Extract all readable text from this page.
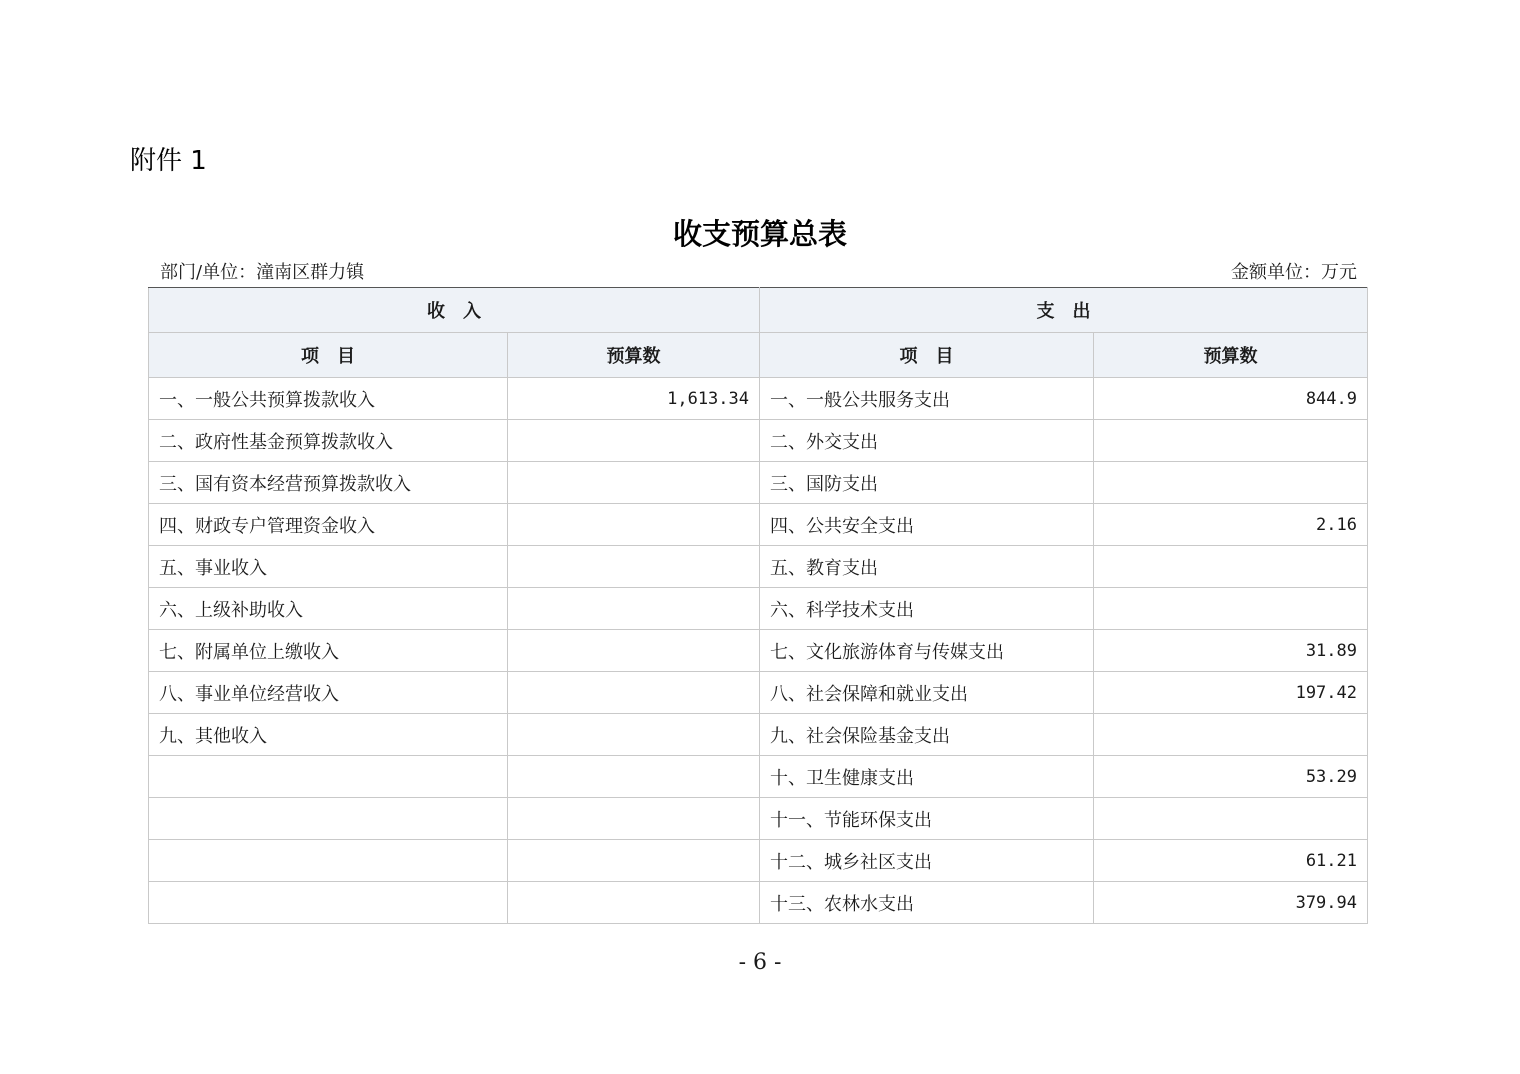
附件 1
收支预算总表
部门/单位：潼南区群力镇	金额单位：万元
收　入		支　出	
项　目	预算数	项　目	预算数
一、一般公共预算拨款收入	1,613.34	一、一般公共服务支出	844.9
二、政府性基金预算拨款收入		二、外交支出	
三、国有资本经营预算拨款收入		三、国防支出	
四、财政专户管理资金收入		四、公共安全支出	2.16
五、事业收入		五、教育支出	
六、上级补助收入		六、科学技术支出	
七、附属单位上缴收入		七、文化旅游体育与传媒支出	31.89
八、事业单位经营收入		八、社会保障和就业支出	197.42
九、其他收入		九、社会保险基金支出	
		十、卫生健康支出	53.29
		十一、节能环保支出	
		十二、城乡社区支出	61.21
		十三、农林水支出	379.94
- 6 -
